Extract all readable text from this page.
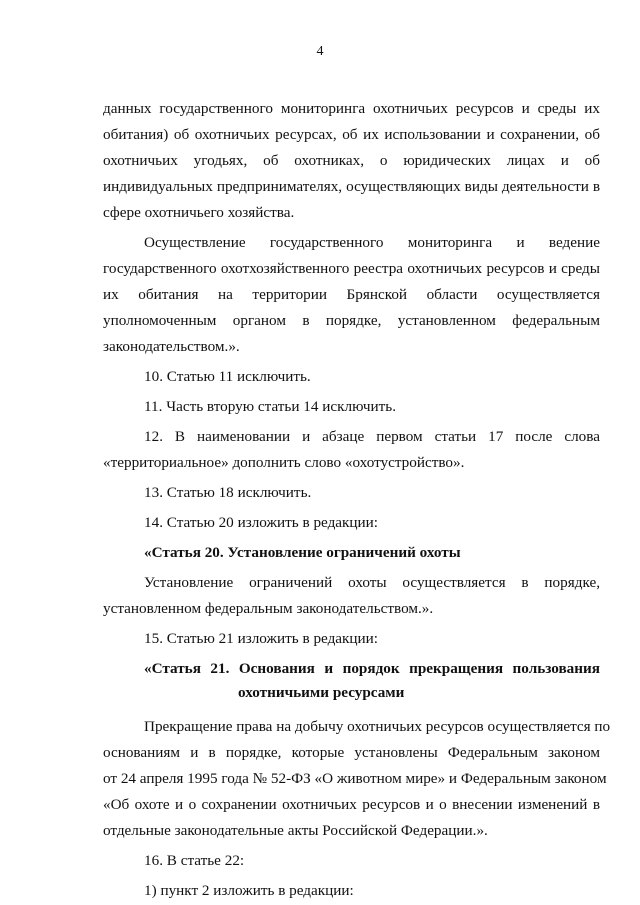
4
данных государственного мониторинга охотничьих ресурсов и среды их
обитания) об охотничьих ресурсах, об их использовании и сохранении, об
охотничьих угодьях, об охотниках, о юридических лицах и об
индивидуальных предпринимателях, осуществляющих виды деятельности в
сфере охотничьего хозяйства.
Осуществление государственного мониторинга и ведение
государственного охотхозяйственного реестра охотничьих ресурсов и среды
их обитания на территории Брянской области осуществляется
уполномоченным органом в порядке, установленном федеральным
законодательством.».
10. Статью 11 исключить.
11. Часть вторую статьи 14 исключить.
12. В наименовании и абзаце первом статьи 17 после слова
«территориальное» дополнить слово «охотустройство».
13. Статью 18 исключить.
14. Статью 20 изложить в редакции:
«Статья 20. Установление ограничений охоты
Установление ограничений охоты осуществляется в порядке,
установленном федеральным законодательством.».
15. Статью 21 изложить в редакции:
«Статья 21. Основания и порядок прекращения пользования
охотничьими ресурсами
Прекращение права на добычу охотничьих ресурсов осуществляется по
основаниям и в порядке, которые установлены Федеральным законом
от 24 апреля 1995 года № 52-ФЗ «О животном мире» и Федеральным законом
«Об охоте и о сохранении охотничьих ресурсов и о внесении изменений в
отдельные законодательные акты Российской Федерации.».
16. В статье 22:
1) пункт 2 изложить в редакции:
